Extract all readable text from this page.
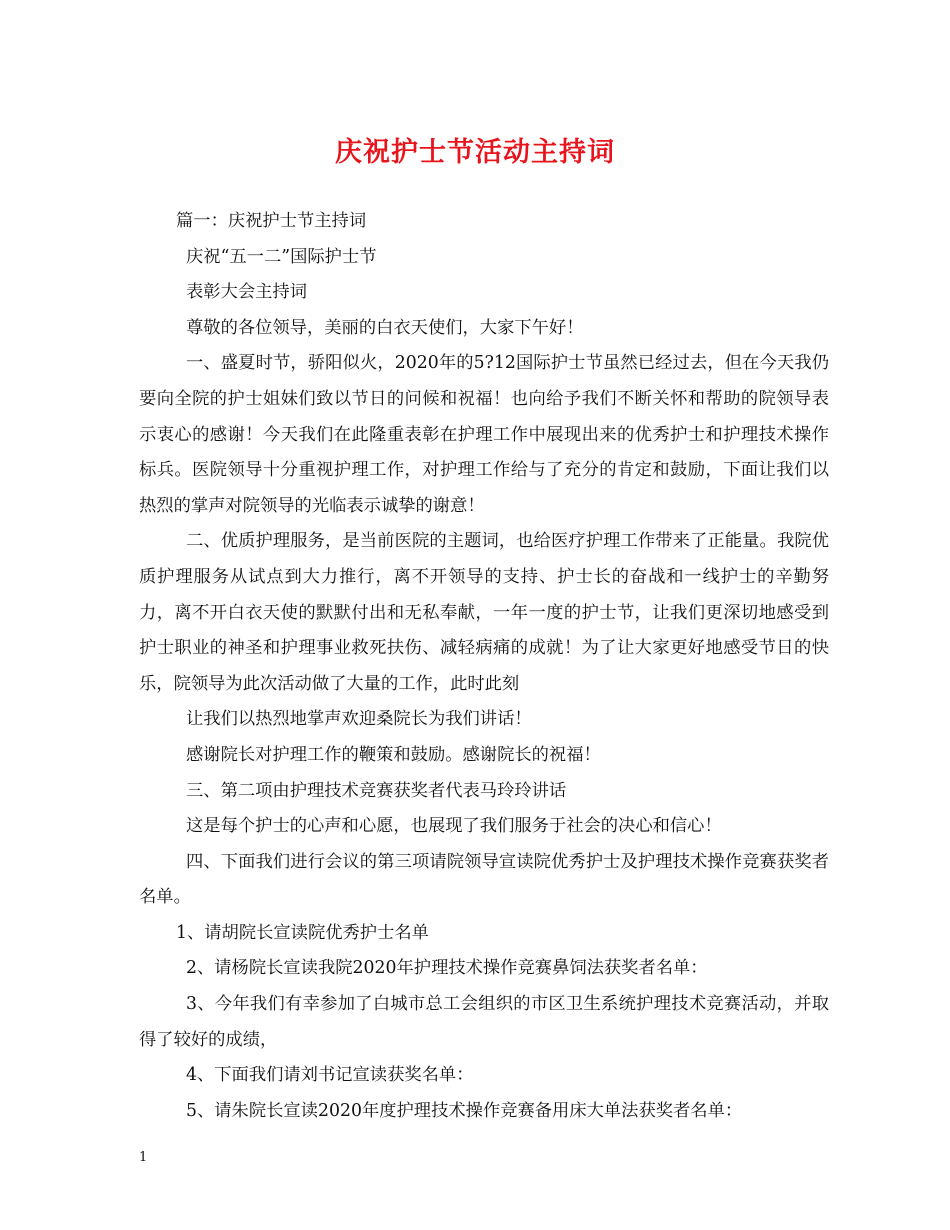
庆祝护士节活动主持词

篇一：庆祝护士节主持词

庆祝“五一二”国际护士节

表彰大会主持词

尊敬的各位领导，美丽的白衣天使们，大家下午好！

一、盛夏时节，骄阳似火，2020年的5?12国际护士节虽然已经过去，但在今天我仍要向全院的护士姐妹们致以节日的问候和祝福！也向给予我们不断关怀和帮助的院领导表示衷心的感谢！今天我们在此隆重表彰在护理工作中展现出来的优秀护士和护理技术操作标兵。医院领导十分重视护理工作，对护理工作给与了充分的肯定和鼓励，下面让我们以热烈的掌声对院领导的光临表示诚挚的谢意！

二、优质护理服务，是当前医院的主题词，也给医疗护理工作带来了正能量。我院优质护理服务从试点到大力推行，离不开领导的支持、护士长的奋战和一线护士的辛勤努力，离不开白衣天使的默默付出和无私奉献，一年一度的护士节，让我们更深切地感受到护士职业的神圣和护理事业救死扶伤、减轻病痛的成就！为了让大家更好地感受节日的快乐，院领导为此次活动做了大量的工作，此时此刻

让我们以热烈地掌声欢迎桑院长为我们讲话！

感谢院长对护理工作的鞭策和鼓励。感谢院长的祝福！

三、第二项由护理技术竞赛获奖者代表马玲玲讲话

这是每个护士的心声和心愿，也展现了我们服务于社会的决心和信心！

四、下面我们进行会议的第三项请院领导宣读院优秀护士及护理技术操作竞赛获奖者名单。

1、请胡院长宣读院优秀护士名单

2、请杨院长宣读我院2020年护理技术操作竞赛鼻饲法获奖者名单：

3、今年我们有幸参加了白城市总工会组织的市区卫生系统护理技术竞赛活动，并取得了较好的成绩，

4、下面我们请刘书记宣读获奖名单：

5、请朱院长宣读2020年度护理技术操作竞赛备用床大单法获奖者名单：

1
